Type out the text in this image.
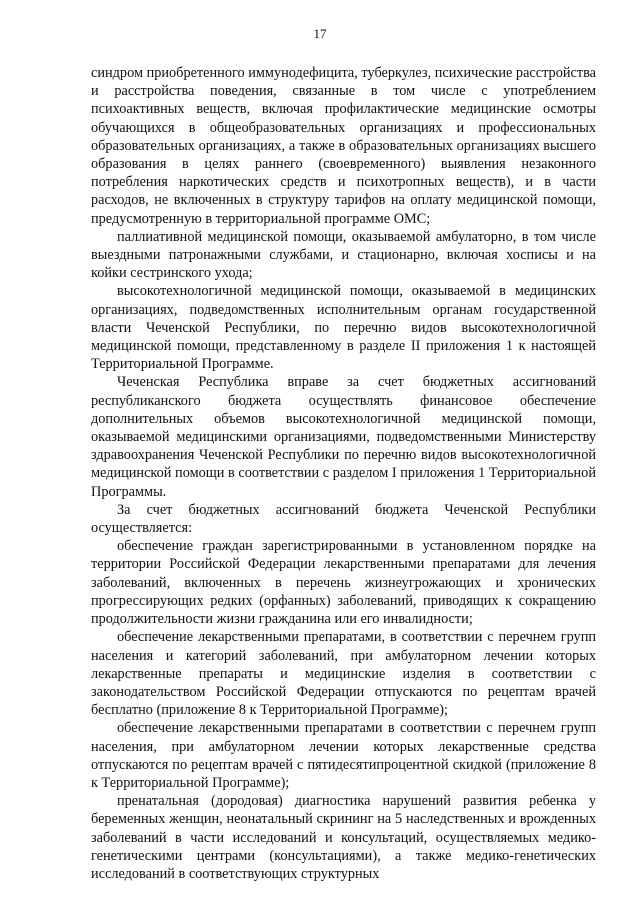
17

синдром приобретенного иммунодефицита, туберкулез, психические расстройства и расстройства поведения, связанные в том числе с употреблением психоактивных веществ, включая профилактические медицинские осмотры обучающихся в общеобразовательных организациях и профессиональных образовательных организациях, а также в образовательных организациях высшего образования в целях раннего (своевременного) выявления незаконного потребления наркотических средств и психотропных веществ), и в части расходов, не включенных в структуру тарифов на оплату медицинской помощи, предусмотренную в территориальной программе ОМС;

паллиативной медицинской помощи, оказываемой амбулаторно, в том числе выездными патронажными службами, и стационарно, включая хосписы и на койки сестринского ухода;

высокотехнологичной медицинской помощи, оказываемой в медицинских организациях, подведомственных исполнительным органам государственной власти Чеченской Республики, по перечню видов высокотехнологичной медицинской помощи, представленному в разделе II приложения 1 к настоящей Территориальной Программе.

Чеченская Республика вправе за счет бюджетных ассигнований республиканского бюджета осуществлять финансовое обеспечение дополнительных объемов высокотехнологичной медицинской помощи, оказываемой медицинскими организациями, подведомственными Министерству здравоохранения Чеченской Республики по перечню видов высокотехнологичной медицинской помощи в соответствии с разделом I приложения 1 Территориальной Программы.

За счет бюджетных ассигнований бюджета Чеченской Республики осуществляется:

обеспечение граждан зарегистрированными в установленном порядке на территории Российской Федерации лекарственными препаратами для лечения заболеваний, включенных в перечень жизнеугрожающих и хронических прогрессирующих редких (орфанных) заболеваний, приводящих к сокращению продолжительности жизни гражданина или его инвалидности;

обеспечение лекарственными препаратами, в соответствии с перечнем групп населения и категорий заболеваний, при амбулаторном лечении которых лекарственные препараты и медицинские изделия в соответствии с законодательством Российской Федерации отпускаются по рецептам врачей бесплатно (приложение 8 к Территориальной Программе);

обеспечение лекарственными препаратами в соответствии с перечнем групп населения, при амбулаторном лечении которых лекарственные средства отпускаются по рецептам врачей с пятидесятипроцентной скидкой (приложение 8 к Территориальной Программе);

пренатальная (дородовая) диагностика нарушений развития ребенка у беременных женщин, неонатальный скрининг на 5 наследственных и врожденных заболеваний в части исследований и консультаций, осуществляемых медико-генетическими центрами (консультациями), а также медико-генетических исследований в соответствующих структурных
